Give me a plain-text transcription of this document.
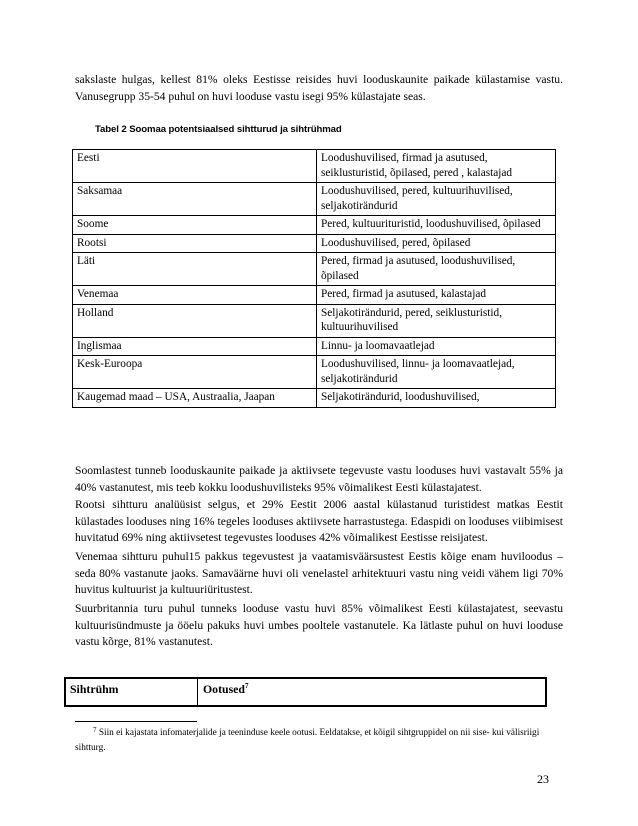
sakslaste hulgas, kellest 81% oleks Eestisse reisides huvi looduskaunite paikade külastamise vastu. Vanusegrupp 35-54 puhul on huvi looduse vastu isegi 95% külastajate seas.
Tabel 2 Soomaa potentsiaalsed sihtturud ja sihtrühmad
Eesti	Loodushuvilised, firmad ja asutused, seiklusturistid, õpilased, pered , kalastajad
Saksamaa	Loodushuvilised, pered, kultuurihuvilised, seljakotirändurid
Soome	Pered, kultuurituristid, loodushuvilised, õpilased
Rootsi	Loodushuvilised, pered, õpilased
Läti	Pered, firmad ja asutused, loodushuvilised, õpilased
Venemaa	Pered, firmad ja asutused, kalastajad
Holland	Seljakotirändurid, pered, seiklusturistid, kultuurihuvilised
Inglismaa	Linnu- ja loomavaatlejad
Kesk-Euroopa	Loodushuvilised, linnu- ja loomavaatlejad, seljakotirändurid
Kaugemad maad – USA, Austraalia, Jaapan	Seljakotirändurid, loodushuvilised,
Soomlastest tunneb looduskaunite paikade ja aktiivsete tegevuste vastu looduses huvi vastavalt 55% ja 40% vastanutest, mis teeb kokku loodushuvilisteks 95% võimalikest Eesti külastajatest.
Rootsi sihtturu analüüsist selgus, et 29% Eestit 2006 aastal külastanud turistidest matkas Eestit külastades looduses ning 16% tegeles looduses aktiivsete harrastustega. Edaspidi on looduses viibimisest huvitatud 69% ning aktiivsetest tegevustes looduses 42% võimalikest Eestisse reisijatest.
Venemaa sihtturu puhul15 pakkus tegevustest ja vaatamisväärsustest Eestis kõige enam huviloodus – seda 80% vastanute jaoks. Samaväärne huvi oli venelastel arhitektuuri vastu ning veidi vähem ligi 70% huvitus kultuurist ja kultuuriüritustest.
Suurbritannia turu puhul tunneks looduse vastu huvi 85% võimalikest Eesti külastajatest, seevastu kultuurisündmuste ja ööelu pakuks huvi umbes pooltele vastanutele. Ka lätlaste puhul on huvi looduse vastu kõrge, 81% vastanutest.
Sihtrühm	Ootused$^7$
$^7$ Siin ei kajastata infomaterjalide ja teeninduse keele ootusi. Eeldatakse, et kõigil sihtgruppidel on nii sise- kui välisriigi sihtturg.
23
